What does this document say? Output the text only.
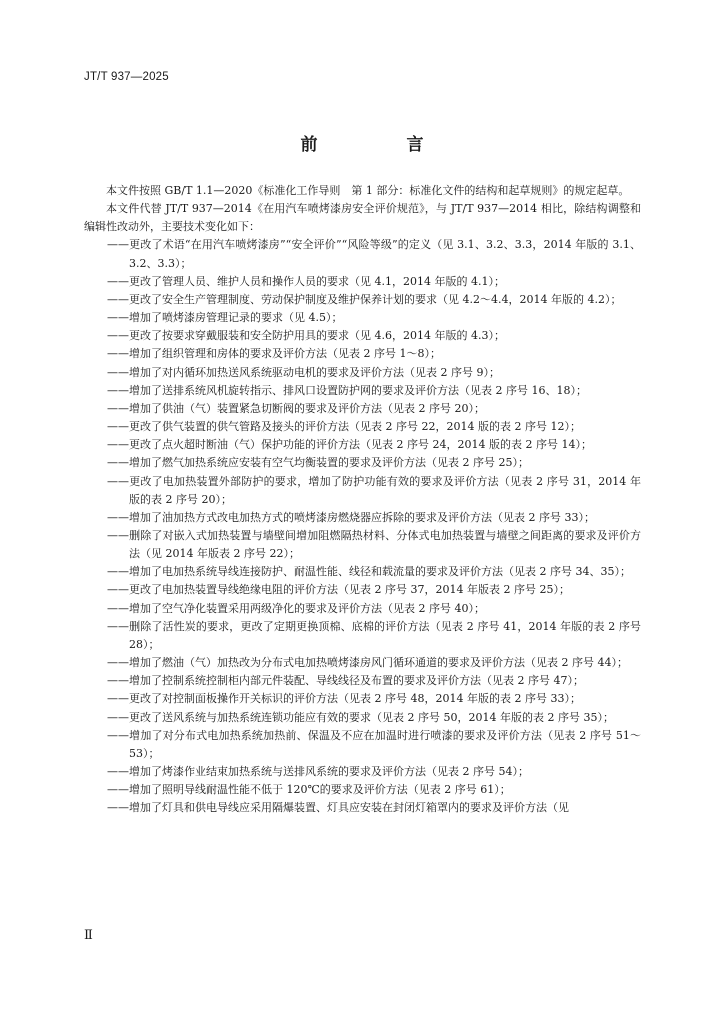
JT/T 937—2025
前　言

本文件按照 GB/T 1.1—2020《标准化工作导则　第 1 部分：标准化文件的结构和起草规则》的规定起草。

本文件代替 JT/T 937—2014《在用汽车喷烤漆房安全评价规范》，与 JT/T 937—2014 相比，除结构调整和编辑性改动外，主要技术变化如下：

——更改了术语“在用汽车喷烤漆房”“安全评价”“风险等级”的定义（见 3.1、3.2、3.3，2014 年版的 3.1、3.2、3.3）；

——更改了管理人员、维护人员和操作人员的要求（见 4.1，2014 年版的 4.1）；

——更改了安全生产管理制度、劳动保护制度及维护保养计划的要求（见 4.2～4.4，2014 年版的 4.2）；

——增加了喷烤漆房管理记录的要求（见 4.5）；

——更改了按要求穿戴服装和安全防护用具的要求（见 4.6，2014 年版的 4.3）；

——增加了组织管理和房体的要求及评价方法（见表 2 序号 1～8）；

——增加了对内循环加热送风系统驱动电机的要求及评价方法（见表 2 序号 9）；

——增加了送排系统风机旋转指示、排风口设置防护网的要求及评价方法（见表 2 序号 16、18）；

——增加了供油（气）装置紧急切断阀的要求及评价方法（见表 2 序号 20）；

——更改了供气装置的供气管路及接头的评价方法（见表 2 序号 22，2014 版的表 2 序号 12）；

——更改了点火超时断油（气）保护功能的评价方法（见表 2 序号 24，2014 版的表 2 序号 14）；

——增加了燃气加热系统应安装有空气均衡装置的要求及评价方法（见表 2 序号 25）；

——更改了电加热装置外部防护的要求，增加了防护功能有效的要求及评价方法（见表 2 序号 31，2014 年版的表 2 序号 20）；

——增加了油加热方式改电加热方式的喷烤漆房燃烧器应拆除的要求及评价方法（见表 2 序号 33）；

——删除了对嵌入式加热装置与墙壁间增加阻燃隔热材料、分体式电加热装置与墙壁之间距离的要求及评价方法（见 2014 年版表 2 序号 22）；

——增加了电加热系统导线连接防护、耐温性能、线径和载流量的要求及评价方法（见表 2 序号 34、35）；

——更改了电加热装置导线绝缘电阻的评价方法（见表 2 序号 37，2014 年版表 2 序号 25）；

——增加了空气净化装置采用两级净化的要求及评价方法（见表 2 序号 40）；

——删除了活性炭的要求，更改了定期更换顶棉、底棉的评价方法（见表 2 序号 41，2014 年版的表 2 序号 28）；

——增加了燃油（气）加热改为分布式电加热喷烤漆房风门循环通道的要求及评价方法（见表 2 序号 44）；

——增加了控制系统控制柜内部元件装配、导线线径及布置的要求及评价方法（见表 2 序号 47）；

——更改了对控制面板操作开关标识的评价方法（见表 2 序号 48，2014 年版的表 2 序号 33）；

——更改了送风系统与加热系统连锁功能应有效的要求（见表 2 序号 50，2014 年版的表 2 序号 35）；

——增加了对分布式电加热系统加热前、保温及不应在加温时进行喷漆的要求及评价方法（见表 2 序号 51～53）；

——增加了烤漆作业结束加热系统与送排风系统的要求及评价方法（见表 2 序号 54）；

——增加了照明导线耐温性能不低于 120℃的要求及评价方法（见表 2 序号 61）；

——增加了灯具和供电导线应采用隔爆装置、灯具应安装在封闭灯箱罩内的要求及评价方法（见

Ⅱ
